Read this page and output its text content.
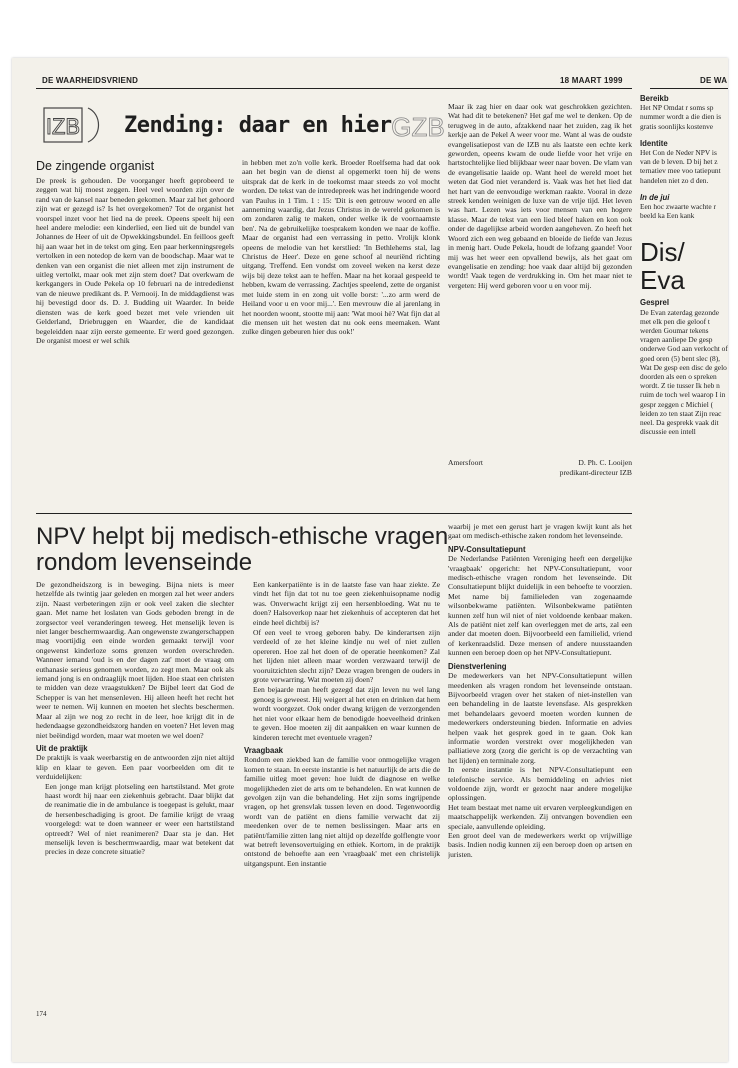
DE WAARHEIDSVRIEND	18 MAART 1999	DE WA
IZB Zending: daar en hier GZB
De zingende organist

De preek is gehouden. De voorganger heeft geprobeerd te zeggen wat hij moest zeggen. Heel veel woorden zijn over de rand van de kansel naar beneden gekomen. Maar zal het gehoord zijn wat er gezegd is? Is het overgekomen? Tot de organist het voorspel inzet voor het lied na de preek. Opeens speelt hij een heel andere melodie: een kinderlied, een lied uit de bundel van Johannes de Heer of uit de Opwekkingsbundel. En feilloos geeft hij aan waar het in de tekst om ging. Een paar herkenningsregels vertolken in een notedop de kern van de boodschap. Maar wat te denken van een organist die niet alleen met zijn instrument de uitleg vertolkt, maar ook met zijn stem doet? Dat overkwam de kerkgangers in Oude Pekela op 10 februari na de intrededienst van de nieuwe predikant ds. P. Vernooij. In de middagdienst was hij bevestigd door ds. D. J. Budding uit Waarder. In beide diensten was de kerk goed bezet met vele vrienden uit Gelderland, Driebruggen en Waarder, die de kandidaat begeleidden naar zijn eerste gemeente. Er werd goed gezongen. De organist moest er wel schik

in hebben met zo'n volle kerk. Broeder Roelfsema had dat ook aan het begin van de dienst al opgemerkt toen hij de wens uitsprak dat de kerk in de toekomst maar steeds zo vol mocht worden. De tekst van de intredepreek was het indringende woord van Paulus in 1 Tim. 1 : 15: 'Dit is een getrouw woord en alle aanneming waardig, dat Jezus Christus in de wereld gekomen is om zondaren zalig te maken, onder welke ik de voornaamste ben'. Na de gebruikelijke toesprakem konden we naar de koffie. Maar de organist had een verrassing in petto. Vrolijk klonk opeens de melodie van het kerstlied: 'In Bethlehems stal, lag Christus de Heer'. Deze en gene schoof al neuriënd richting uitgang. Treffend. Een vondst om zoveel weken na kerst deze wijs bij deze tekst aan te heffen. Maar na het koraal gespeeld te hebben, kwam de verrassing. Zachtjes speelend, zette de organist met luide stem in en zong uit volle borst: '...zo arm werd de Heiland voor u en voor mij...'. Een mevrouw die al jarenlang in het noorden woont, stootte mij aan: 'Wat mooi hè? Wat fijn dat al die mensen uit het westen dat nu ook eens meemaken. Want zulke dingen gebeuren hier dus ook!'

Maar ik zag hier en daar ook wat geschrokken gezichten. Wat had dit te betekenen? Het gaf me wel te denken. Op de terugweg in de auto, afzakkend naar het zuiden, zag ik het kerkje aan de Pekel A weer voor me. Want al was de oudste evangelisatiepost van de IZB nu als laatste een echte kerk geworden, opeens kwam de oude liefde voor het vrije en hartstochtelijke lied blijkbaar weer naar boven. De vlam van de evangelisatie laaide op. Want heel de wereld moet het weten dat God niet veranderd is. Vaak was het het lied dat het hart van de eenvoudige werkman raakte. Vooral in deze streek kenden weinigen de luxe van de vrije tijd. Het leven was hart. Lezen was iets voor mensen van een hogere klasse. Maar de tekst van een lied bleef haken en kon ook onder de dagelijkse arbeid worden aangeheven. Zo heeft het Woord zich een weg gebaand en bloeide de liefde van Jezus in menig hart. Oude Pekela, houdt de lofzang gaande! Voor mij was het weer een opvallend bewijs, als het gaat om evangelisatie en zending: hoe vaak daar altijd bij gezonden wordt! Vaak tegen de verdrukking in. Om het maar niet te vergeten: Hij werd geboren voor u en voor mij.

Amersfoort	D. Ph. C. Looijen
predikant-directeur IZB
NPV helpt bij medisch-ethische vragen rondom levenseinde

De gezondheidszorg is in beweging. Bijna niets is meer hetzelfde als twintig jaar geleden en morgen zal het weer anders zijn. Naast verbeteringen zijn er ook veel zaken die slechter gaan. Met name het loslaten van Gods geboden brengt in de zorgsector veel veranderingen teweeg. Het menselijk leven is niet langer beschermwaardig. Aan ongewenste zwangerschappen mag voortijdig een einde worden gemaakt terwijl voor ongewenst kinderloze soms grenzen worden overschreden. Wanneer iemand 'oud is en der dagen zat' moet de vraag om euthanasie serieus genomen worden, zo zegt men. Maar ook als iemand jong is en ondraaglijk moet lijden. Hoe staat een christen te midden van deze vraagstukken? De Bijbel leert dat God de Schepper is van het mensenleven. Hij alleen heeft het recht het weer te nemen. Wij kunnen en moeten het slechts beschermen. Maar al zijn we nog zo recht in de leer, hoe krijgt dit in de hedendaagse gezondheidszorg handen en voeten? Het leven mag niet beëindigd worden, maar wat moeten we wel doen?

Uit de praktijk

De praktijk is vaak weerbarstig en de antwoorden zijn niet altijd klip en klaar te geven. Een paar voorbeelden om dit te verduidelijken:

• Een jonge man krijgt plotseling een hartstilstand. Met grote haast wordt hij naar een ziekenhuis gebracht. Daar blijkt dat de reanimatie die in de ambulance is toegepast is gelukt, maar de hersenbeschadiging is groot. De familie krijgt de vraag voorgelegd: wat te doen wanneer er weer een hartstilstand optreedt? Wel of niet reanimeren? Daar sta je dan. Het menselijk leven is beschermwaardig, maar wat betekent dat precies in deze concrete situatie?
• Een kankerpatiënte is in de laatste fase van haar ziekte. Ze vindt het fijn dat tot nu toe geen ziekenhuisopname nodig was. Onverwacht krijgt zij een hersenbloeding. Wat nu te doen? Halsoverkop naar het ziekenhuis of accepteren dat het einde heel dichtbij is?
• Of een veel te vroeg geboren baby. De kinderartsen zijn verdeeld of ze het kleine kindje nu wel of niet zullen opereren. Hoe zal het doen of de operatie heenkomen? Zal het lijden niet alleen maar worden verzwaard terwijl de vooruitzichten slecht zijn? Deze vragen brengen de ouders in grote verwarring. Wat moeten zij doen?
• Een bejaarde man heeft gezegd dat zijn leven nu wel lang genoeg is geweest. Hij weigert al het eten en drinken dat hem wordt voorgezet. Ook onder dwang krijgen de verzorgenden het niet voor elkaar hem de benodigde hoeveelheid drinken te geven. Hoe moeten zij dit aanpakken en waar kunnen de kinderen terecht met eventuele vragen?
Vraagbaak

Rondom een ziekbed kan de familie voor onmogelijke vragen komen te staan. In eerste instantie is het natuurlijk de arts die de familie uitleg moet geven: hoe luidt de diagnose en welke mogelijkheden ziet de arts om te behandelen. En wat kunnen de gevolgen zijn van die behandeling. Het zijn soms ingrijpende vragen, op het grensvlak tussen leven en dood. Tegenwoordig wordt van de patiënt en diens familie verwacht dat zij meedenken over de te nemen beslissingen. Maar arts en patiënt/familie zitten lang niet altijd op dezelfde golflengte voor wat betreft levensovertuiging en ethiek. Kortom, in de praktijk ontstond de behoefte aan een 'vraagbaak' met een christelijk uitgangspunt. Een instantie

waarbij je met een gerust hart je vragen kwijt kunt als het gaat om medisch-ethische zaken rondom het levenseinde.

NPV-Consultatiepunt

De Nederlandse Patiënten Vereniging heeft een dergelijke 'vraagbaak' opgericht: het NPV-Consultatiepunt, voor medisch-ethische vragen rondom het levenseinde. Dit Consultatiepunt blijkt duidelijk in een behoefte te voorzien. Met name bij familieleden van zogenaamde wilsonbekwame patiënten. Wilsonbekwame patiënten kunnen zelf hun wil niet of niet voldoende kenbaar maken. Als de patiënt niet zelf kan overleggen met de arts, zal een ander dat moeten doen. Bijvoorbeeld een familielid, vriend of kerkenraadslid. Deze mensen of andere nuusstaanden kunnen een beroep doen op het NPV-Consultatiepunt.

Dienstverlening

De medewerkers van het NPV-Consultatiepunt willen meedenken als vragen rondom het levenseinde ontstaan. Bijvoorbeeld vragen over het staken of niet-instellen van een behandeling in de laatste levensfase. Als gesprekken met behandelaars gevoerd moeten worden kunnen de medewerkers ondersteuning bieden. Informatie en advies helpen vaak het gesprek goed in te gaan. Ook kan informatie worden verstrekt over mogelijkheden van palliatieve zorg (zorg die gericht is op de verzachting van het lijden) en terminale zorg.

In eerste instantie is het NPV-Consultatiepunt een telefonische service. Als bemiddeling en advies niet voldoende zijn, wordt er gezocht naar andere mogelijke oplossingen.

Het team bestaat met name uit ervaren verpleegkundigen en maatschappelijk werkenden. Zij ontvangen bovendien een speciale, aanvullende opleiding.

Een groot deel van de medewerkers werkt op vrijwillige basis. Indien nodig kunnen zij een beroep doen op artsen en juristen.

174
Bereikb

Het NP Omdat r soms sp nummer wordt a die dien is gratis soonlijks kostenve

Identite

Het Con de Neder NPV is van de b leven. D bij het z ternatiev mee voo tatiepunt handelen niet zo d den.

In de jui

Een hoc zwaarte wachte r beeld ka Een kank

Dis/
Eva
Gesprel

De Evan zaterdag gezonde met elk pen die geloof t werden Goumar tekens vragen aanliepe De gesp onderwe God aan verkocht of goed oren (5) bent slec (8), Wat De gesp een disc de gelo doorden als een o spreken wordt. Z tie tusser Ik heb n ruim de toch wel waarop I in gespr zeggen c Michiel ( leiden zo ten staat Zijn reac neel. Da gesprekk vaak dit discussie een intell
